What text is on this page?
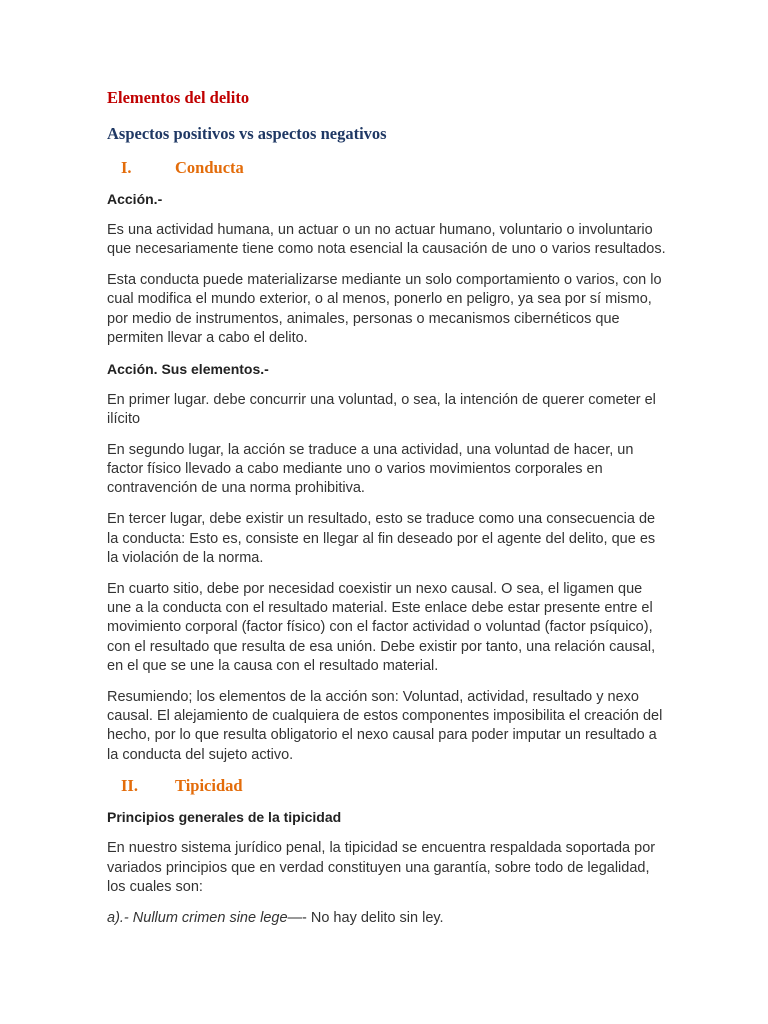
Elementos del delito
Aspectos positivos vs aspectos negativos
I.	Conducta
Acción.-

Es una actividad humana, un actuar o un no actuar humano, voluntario o involuntario que necesariamente tiene como nota esencial la causación de uno o varios resultados.

Esta conducta puede materializarse mediante un solo comportamiento o varios, con lo cual modifica el mundo exterior, o al menos, ponerlo en peligro, ya sea por sí mismo, por medio de instrumentos, animales, personas o mecanismos cibernéticos que permiten llevar a cabo el delito.

Acción. Sus elementos.-

En primer lugar. debe concurrir una voluntad, o sea, la intención de querer cometer el ilícito

En segundo lugar, la acción se traduce a una actividad, una voluntad de hacer, un factor físico llevado a cabo mediante uno o varios movimientos corporales en contravención de una norma prohibitiva.

En tercer lugar, debe existir un resultado, esto se traduce como una consecuencia de la conducta: Esto es, consiste en llegar al fin deseado por el agente del delito, que es la violación de la norma.

En cuarto sitio, debe por necesidad coexistir un nexo causal. O sea, el ligamen que une a la conducta con el resultado material. Este enlace debe estar presente entre el movimiento corporal (factor físico) con el factor actividad o voluntad (factor psíquico), con el resultado que resulta de esa unión. Debe existir por tanto, una relación causal, en el que se une la causa con el resultado material.

Resumiendo; los elementos de la acción son: Voluntad, actividad, resultado y nexo causal. El alejamiento de cualquiera de estos componentes imposibilita el creación del hecho, por lo que resulta obligatorio el nexo causal para poder imputar un resultado a la conducta del sujeto activo.

II.	Tipicidad
Principios generales de la tipicidad

En nuestro sistema jurídico penal, la tipicidad se encuentra respaldada soportada por variados principios que en verdad constituyen una garantía, sobre todo de legalidad, los cuales son:

a).- Nullum crimen sine lege—- No hay delito sin ley.
